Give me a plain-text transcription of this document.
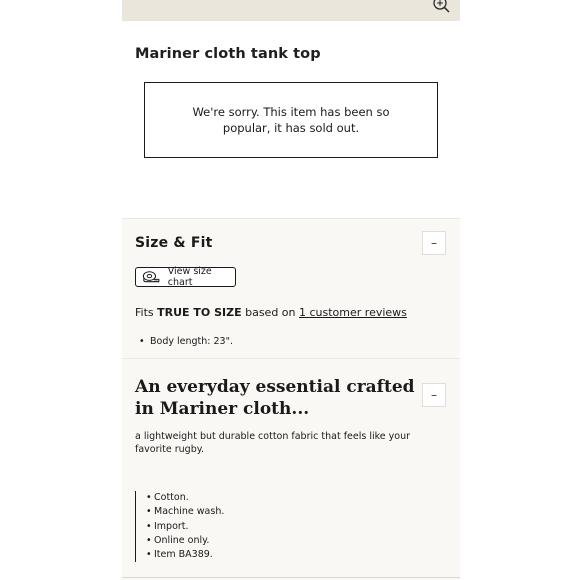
Mariner cloth tank top
We're sorry. This item has been so popular, it has sold out.
Size & Fit	–
View size chart

Fits TRUE TO SIZE based on 1 customer reviews

• Body length: 23".

An everyday essential crafted in Mariner cloth...
–

a lightweight but durable cotton fabric that feels like your favorite rugby.

• Cotton.
• Machine wash.
• Import.
• Online only.
• Item BA389.
